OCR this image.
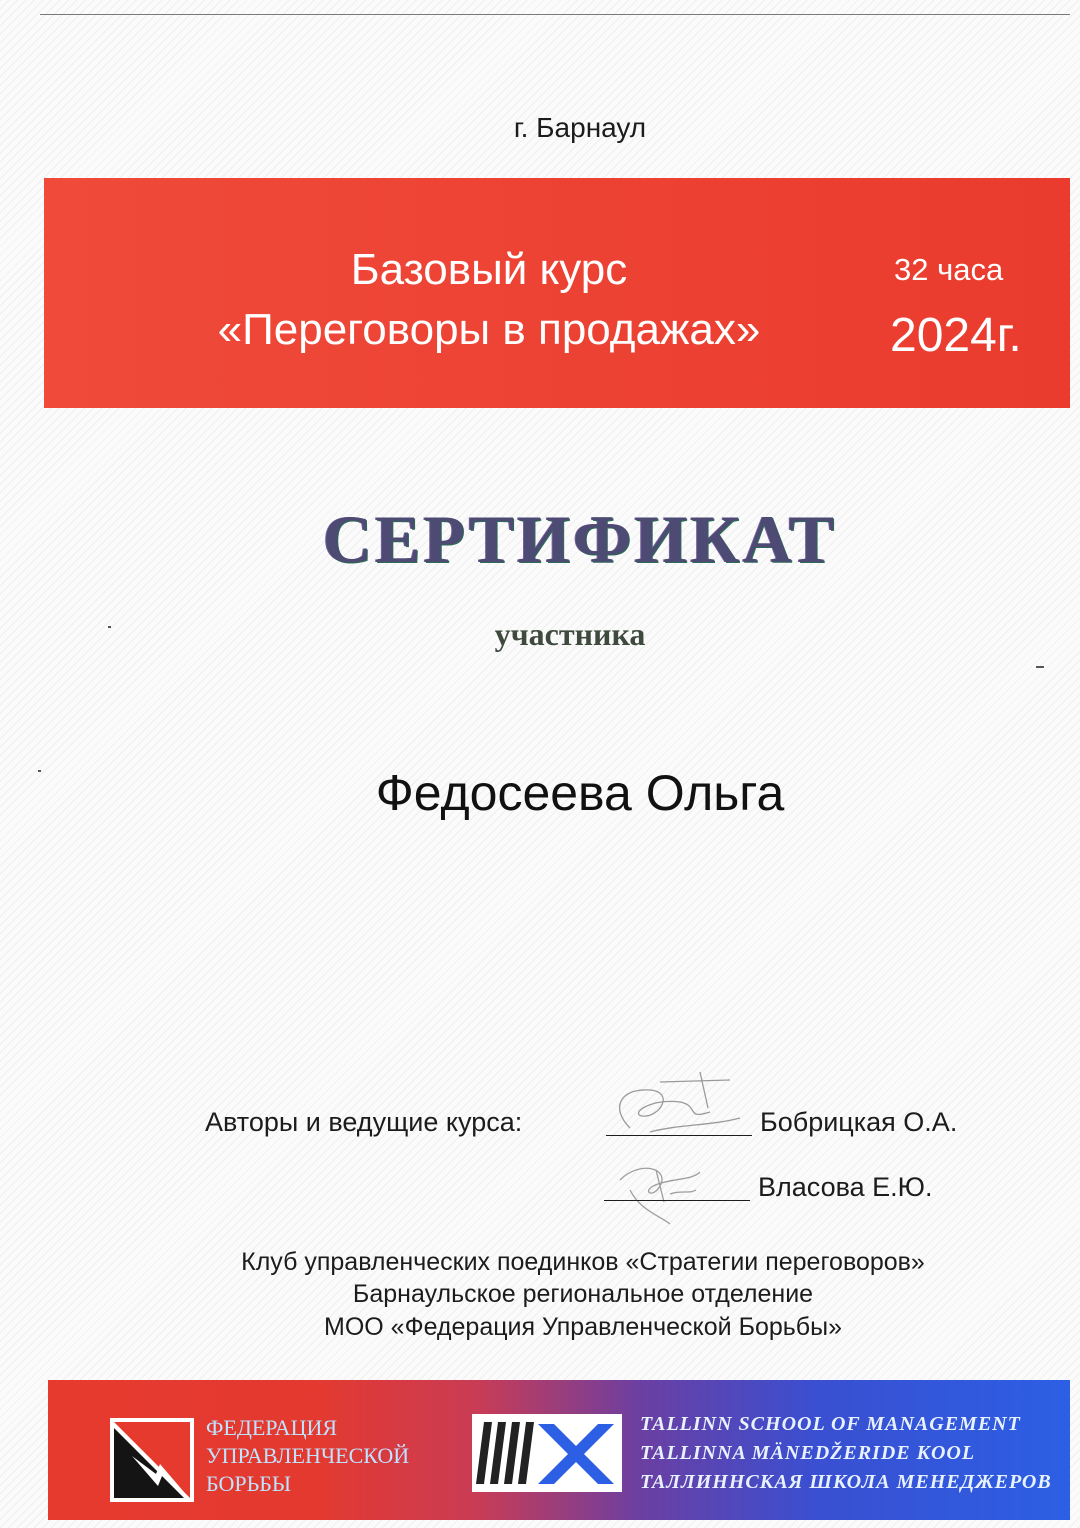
г. Барнаул
Базовый курс
«Переговоры в продажах»
32 часа
2024г.
СЕРТИФИКАТ
участника
Федосеева Ольга
Авторы и ведущие курса:	Бобрицкая О.А.
Власова Е.Ю.
Клуб управленческих поединков «Стратегии переговоров»
Барнаульское региональное отделение
МОО «Федерация Управленческой Борьбы»
ФЕДЕРАЦИЯ
УПРАВЛЕНЧЕСКОЙ
БОРЬБЫ
TALLINN SCHOOL OF MANAGEMENT
TALLINNA MÄNEDŽERIDE KOOL
ТАЛЛИННСКАЯ ШКОЛА МЕНЕДЖЕРОВ
